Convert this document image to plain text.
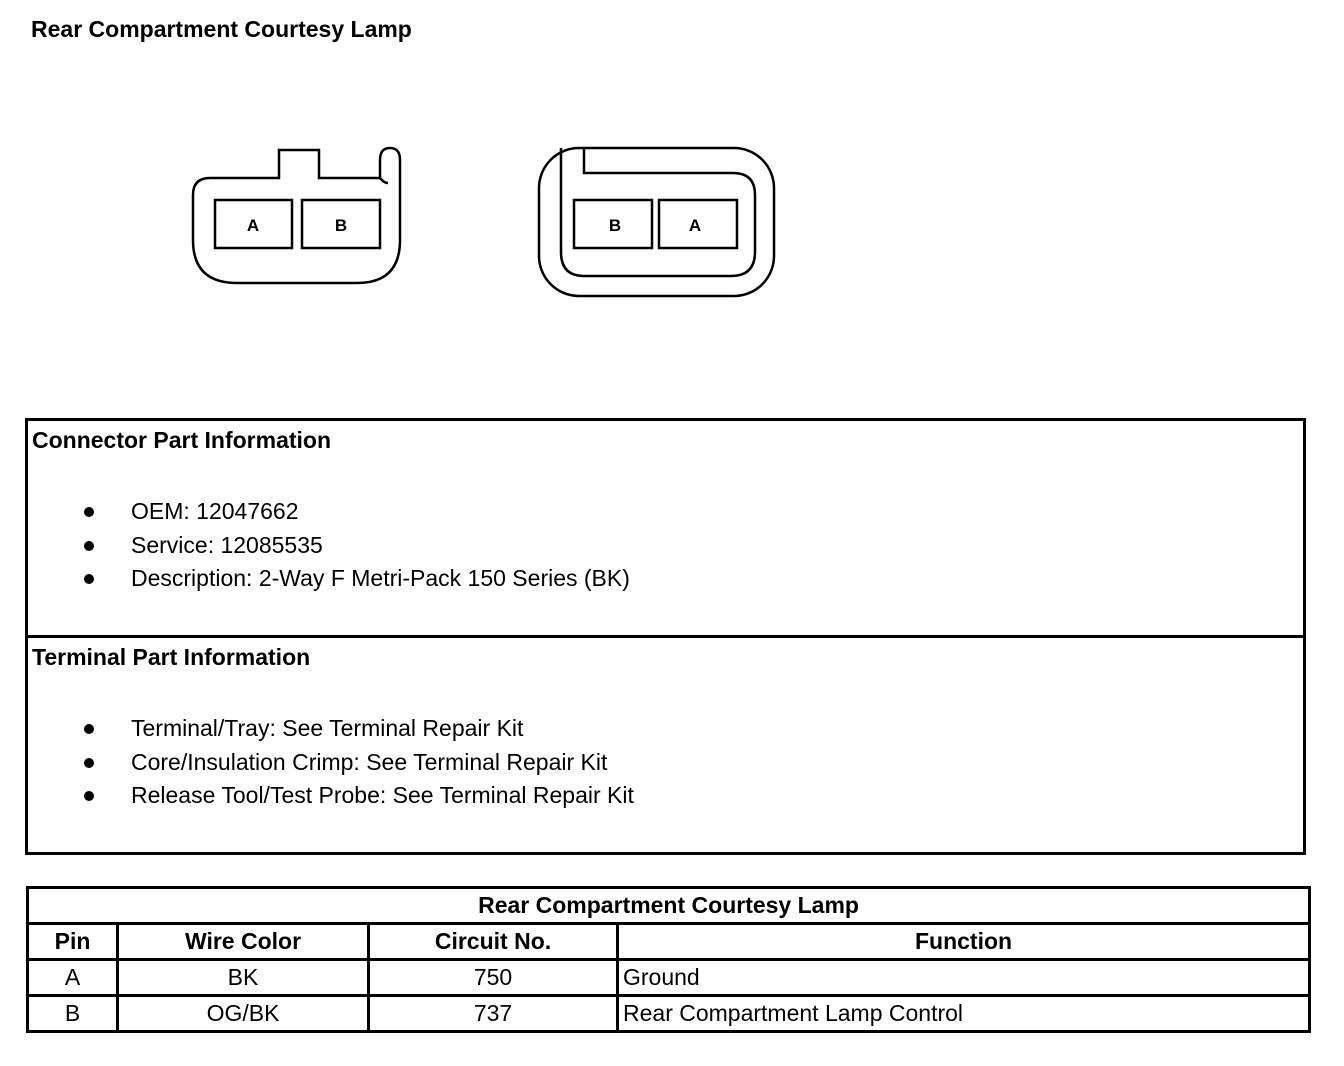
Rear Compartment Courtesy Lamp
A	B	B	A
Connector Part Information
OEM: 12047662
Service: 12085535
Description: 2-Way F Metri-Pack 150 Series (BK)
Terminal Part Information
Terminal/Tray: See Terminal Repair Kit
Core/Insulation Crimp: See Terminal Repair Kit
Release Tool/Test Probe: See Terminal Repair Kit
Rear Compartment Courtesy Lamp			
Pin	Wire Color	Circuit No.	Function
A	BK	750	Ground
B	OG/BK	737	Rear Compartment Lamp Control
